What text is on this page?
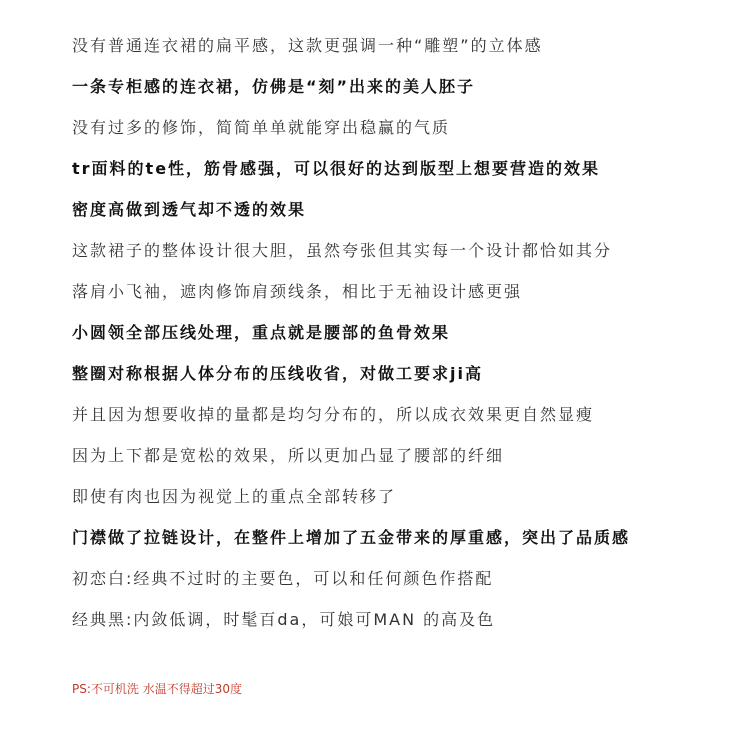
没有普通连衣裙的扁平感，这款更强调一种“雕塑”的立体感
一条专柜感的连衣裙，仿佛是“刻”出来的美人胚子
没有过多的修饰，简简单单就能穿出稳赢的气质
tr面料的te性，筋骨感强，可以很好的达到版型上想要营造的效果
密度高做到透气却不透的效果
这款裙子的整体设计很大胆，虽然夸张但其实每一个设计都恰如其分
落肩小飞袖，遮肉修饰肩颈线条，相比于无袖设计感更强
小圆领全部压线处理，重点就是腰部的鱼骨效果
整圈对称根据人体分布的压线收省，对做工要求ji高
并且因为想要收掉的量都是均匀分布的，所以成衣效果更自然显瘦
因为上下都是宽松的效果，所以更加凸显了腰部的纤细
即使有肉也因为视觉上的重点全部转移了
门襟做了拉链设计，在整件上增加了五金带来的厚重感，突出了品质感
初恋白:经典不过时的主要色，可以和任何颜色作搭配
经典黑:内敛低调，时髦百da，可娘可MAN 的高及色
PS:不可机洗 水温不得超过30度
